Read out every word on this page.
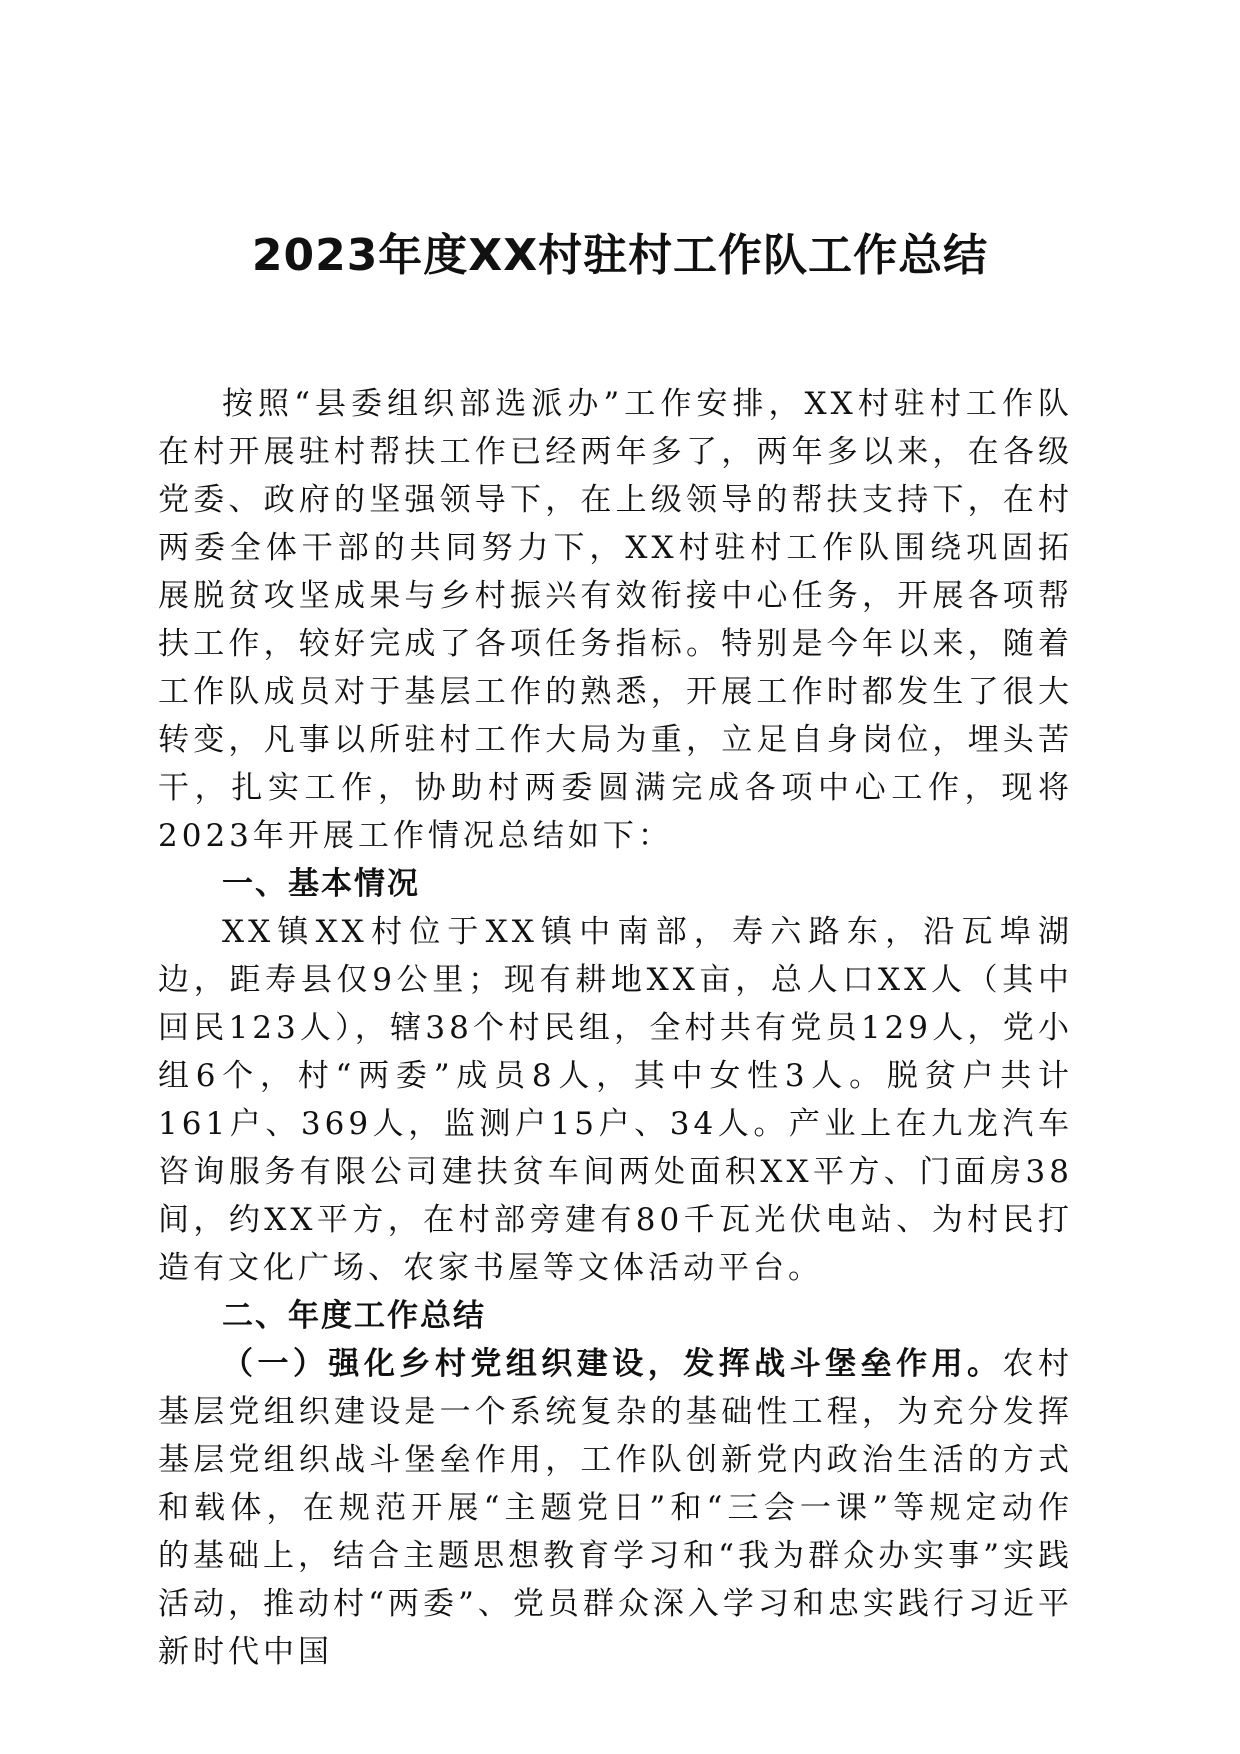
2023年度XX村驻村工作队工作总结

按照“县委组织部选派办”工作安排，XX村驻村工作队在村开展驻村帮扶工作已经两年多了，两年多以来，在各级党委、政府的坚强领导下，在上级领导的帮扶支持下，在村两委全体干部的共同努力下，XX村驻村工作队围绕巩固拓展脱贫攻坚成果与乡村振兴有效衔接中心任务，开展各项帮扶工作，较好完成了各项任务指标。特别是今年以来，随着工作队成员对于基层工作的熟悉，开展工作时都发生了很大转变，凡事以所驻村工作大局为重，立足自身岗位，埋头苦干，扎实工作，协助村两委圆满完成各项中心工作，现将2023年开展工作情况总结如下：

一、基本情况

XX镇XX村位于XX镇中南部，寿六路东，沿瓦埠湖边，距寿县仅9公里；现有耕地XX亩，总人口XX人（其中回民123人），辖38个村民组，全村共有党员129人，党小组6个，村“两委”成员8人，其中女性3人。脱贫户共计161户、369人，监测户15户、34人。产业上在九龙汽车咨询服务有限公司建扶贫车间两处面积XX平方、门面房38间，约XX平方，在村部旁建有80千瓦光伏电站、为村民打造有文化广场、农家书屋等文体活动平台。

二、年度工作总结

（一）强化乡村党组织建设，发挥战斗堡垒作用。农村基层党组织建设是一个系统复杂的基础性工程，为充分发挥基层党组织战斗堡垒作用，工作队创新党内政治生活的方式和载体，在规范开展“主题党日”和“三会一课”等规定动作的基础上，结合主题思想教育学习和“我为群众办实事”实践活动，推动村“两委”、党员群众深入学习和忠实践行习近平新时代中国
